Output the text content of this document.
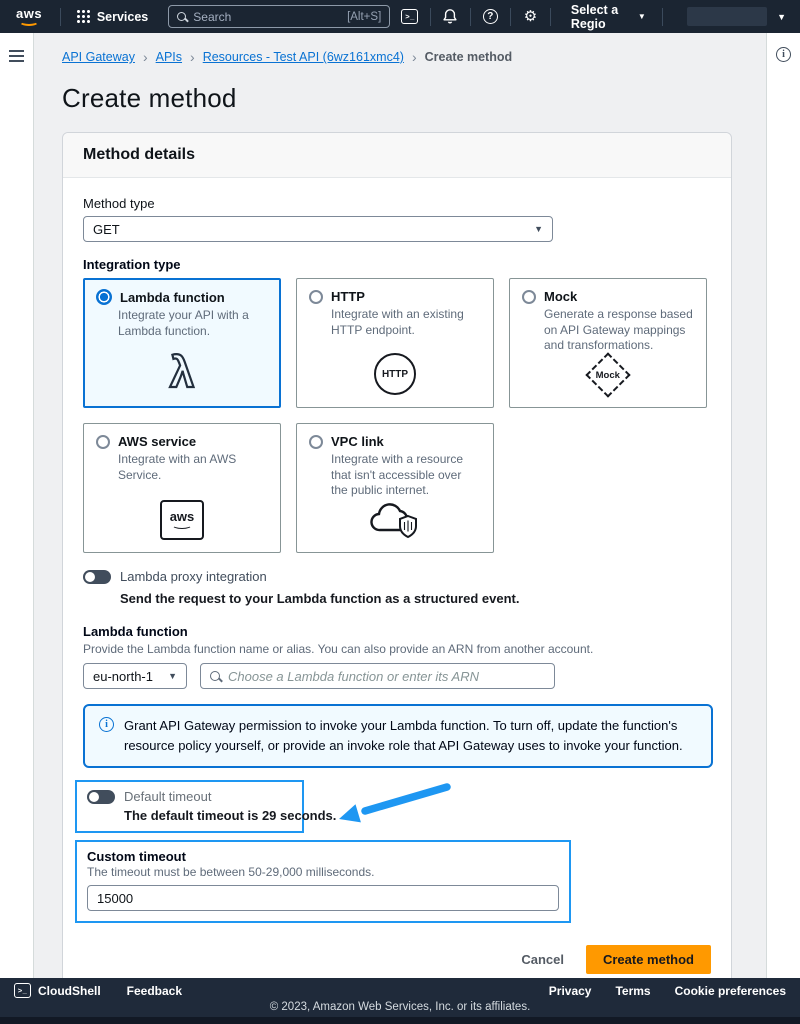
aws	Services	Search	[Alt+S]	>_	? ⚙	Select a Regio	▼	▼
API Gateway › APIs › Resources - Test API (6wz161xmc4) › Create method
Create method
Method details
Method type
GET	▼
Integration type
Lambda function
Integrate your API with a Lambda function.
λ
HTTP
Integrate with an existing HTTP endpoint.
HTTP
Mock
Generate a response based on API Gateway mappings and transformations.
Mock
AWS service
Integrate with an AWS Service.
aws
VPC link
Integrate with a resource that isn't accessible over the public internet.
Lambda proxy integration
Send the request to your Lambda function as a structured event.
Lambda function
Provide the Lambda function name or alias. You can also provide an ARN from another account.
eu-north-1 ▼
Choose a Lambda function or enter its ARN
i	Grant API Gateway permission to invoke your Lambda function. To turn off, update the function's resource policy yourself, or provide an invoke role that API Gateway uses to invoke your function.

Default timeout
The default timeout is 29 seconds.
Custom timeout
The timeout must be between 50-29,000 milliseconds.
15000
Cancel	Create method
i
>_ CloudShell Feedback	Privacy Terms Cookie preferences
© 2023, Amazon Web Services, Inc. or its affiliates.
